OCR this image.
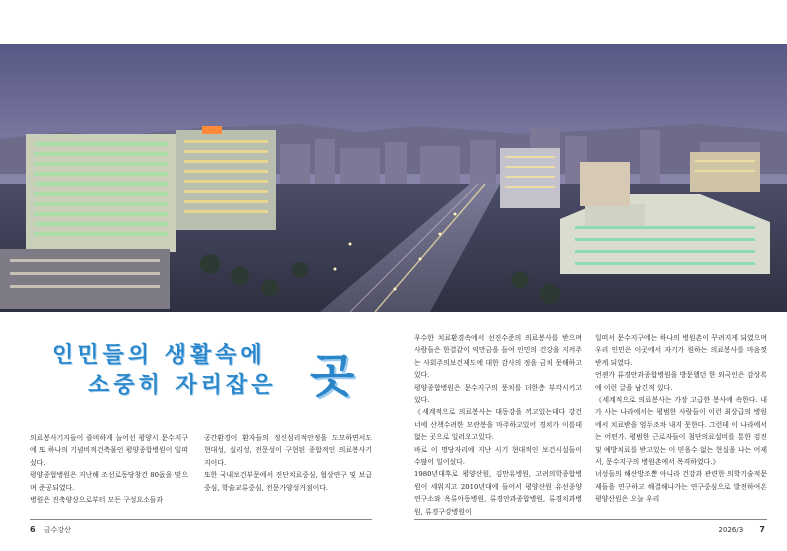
인민들의 생활속에
소중히 자리잡은 곳

의료봉사기지들이 즐비하게 늘어선 평양시 문수지구에 또 하나의 기념비적건축물인 평양종합병원이 일떠섰다.

평양종합병원은 지난해 조선로동당창건 80돐을 맞으며 준공되였다.

병원은 진축양상으로부터 모든 구성요소들과

공간환경이 환자들의 정신심리적안정을 도모하면서도 현대성, 실리성, 전문성이 구현된 종합적인 의료봉사기지이다.

또한 국내보건부문에서 진단치료중심, 협상연구 및 보급중심, 학술교류중심, 전문가양성거점이다.

우수한 치료환경속에서 선진수준의 의료봉사를 받으며 사람들은 한결같이 억만금을 들여 인민의 건강을 지켜주는 사회주의보건제도에 대한 감사의 정을 금치 못해하고있다.

평양종합병원은 문수지구의 풍치를 더한층 부각시키고있다.

《세계적으로 의료봉사는 대동강을 끼고있는데다 강건너에 산책수려한 모란봉을 마주하고있어 경치가 이를데 없는 곳으로 일러오고있다.

바로 이 명당자리에 지난 시기 현대적인 보건시설들이 수많이 일어섰다.

1980년대후로 평양산원, 김만유병원, 고려의학종합병원이 세워지고 2010년대에 들어서 평양산원 유선종양연구소와 옥류아동병원, 류경안과종합병원, 류경치과병원, 류경구강병원이

일떠서 문수지구에는 하나의 병원촌이 꾸려지게 되였으며 우리 인민은 이곳에서 자기가 원하는 의료봉사를 마음껏 받게 되였다.

언젠가 류경안과종합병원을 방문했던 한 외국인은 감상록에 이런 글을 남긴적 있다.

《세계적으로 의료봉사는 가장 고급한 봉사에 속한다. 내가 사는 나라에서는 평범한 사람들이 이런 최상급의 병원에서 치료받을 엄두조차 내지 못한다. 그런데 이 나라에서는 어떤가. 평범한 근로자들이 첨단의료설비를 통한 검진 및 예방치료를 받고있는 이 믿을수 없는 현실을 나는 어제서, 문수지구의 병원촌에서 목격하였다.》

녀성들의 해산방조뿐 아니라 건강과 관련한 의학기술적문제들을 연구하고 해결해나가는 연구중심으로 발전하여온 평양산원은 오늘 우리

6 금수강산	2026/3 7
